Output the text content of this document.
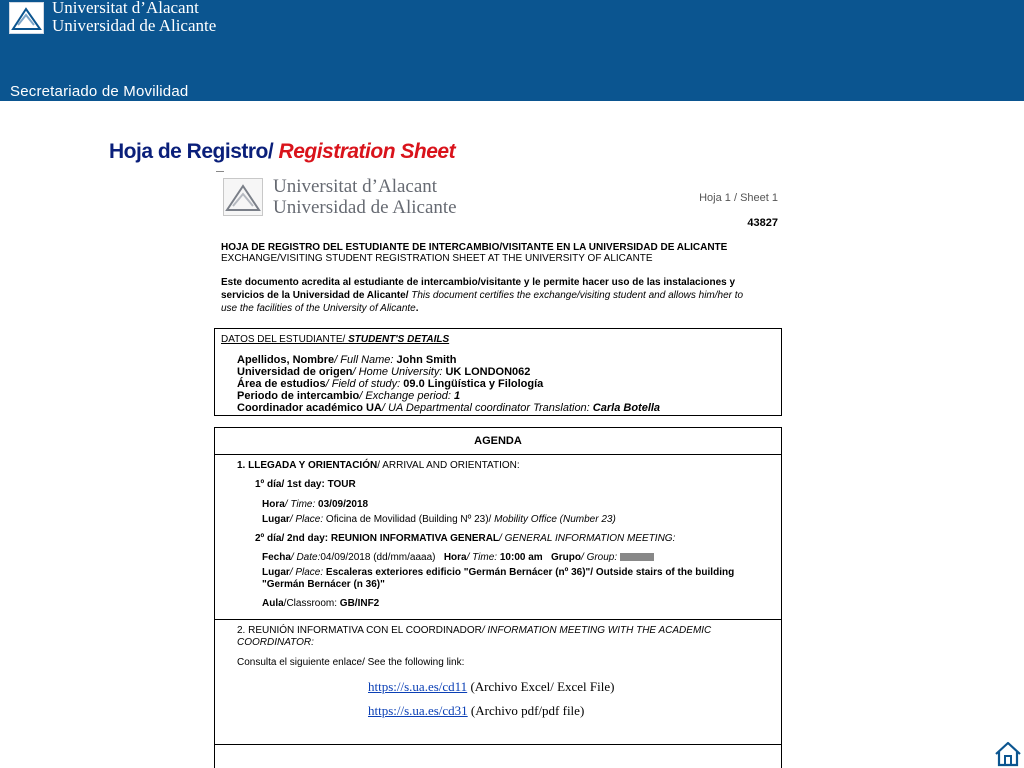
Universitat d’Alacant
Universidad de Alicante
Secretariado de Movilidad
Hoja de Registro/ Registration Sheet
Universitat d’Alacant
Universidad de Alicante	Hoja 1 / Sheet 1
43827
HOJA DE REGISTRO DEL ESTUDIANTE DE INTERCAMBIO/VISITANTE EN LA UNIVERSIDAD DE ALICANTE
EXCHANGE/VISITING STUDENT REGISTRATION SHEET AT THE UNIVERSITY OF ALICANTE
Este documento acredita al estudiante de intercambio/visitante y le permite hacer uso de las instalaciones y
servicios de la Universidad de Alicante/ This document certifies the exchange/visiting student and allows him/her to
use the facilities of the University of Alicante.
DATOS DEL ESTUDIANTE/ STUDENT'S DETAILS
Apellidos, Nombre/ Full Name: John Smith
Universidad de origen/ Home University: UK LONDON062
Área de estudios/ Field of study: 09.0 Lingüística y Filología
Periodo de intercambio/ Exchange period: 1
Coordinador académico UA/ UA Departmental coordinator Translation: Carla Botella
AGENDA
1. LLEGADA Y ORIENTACIÓN/ ARRIVAL AND ORIENTATION:
1º día/ 1st day: TOUR
Hora/ Time: 03/09/2018
Lugar/ Place: Oficina de Movilidad (Building Nº 23)/ Mobility Office (Number 23)
2º día/ 2nd day: REUNION INFORMATIVA GENERAL/ GENERAL INFORMATION MEETING:
Fecha/ Date:04/09/2018 (dd/mm/aaaa) Hora/ Time: 10:00 am Grupo/ Group:
Lugar/ Place: Escaleras exteriores edificio "Germán Bernácer (nº 36)"/ Outside stairs of the building
"Germán Bernácer (n 36)"
Aula/Classroom: GB/INF2
2. REUNIÓN INFORMATIVA CON EL COORDINADOR/ INFORMATION MEETING WITH THE ACADEMIC
COORDINATOR:
Consulta el siguiente enlace/ See the following link:
https://s.ua.es/cd11 (Archivo Excel/ Excel File)
https://s.ua.es/cd31 (Archivo pdf/pdf file)
